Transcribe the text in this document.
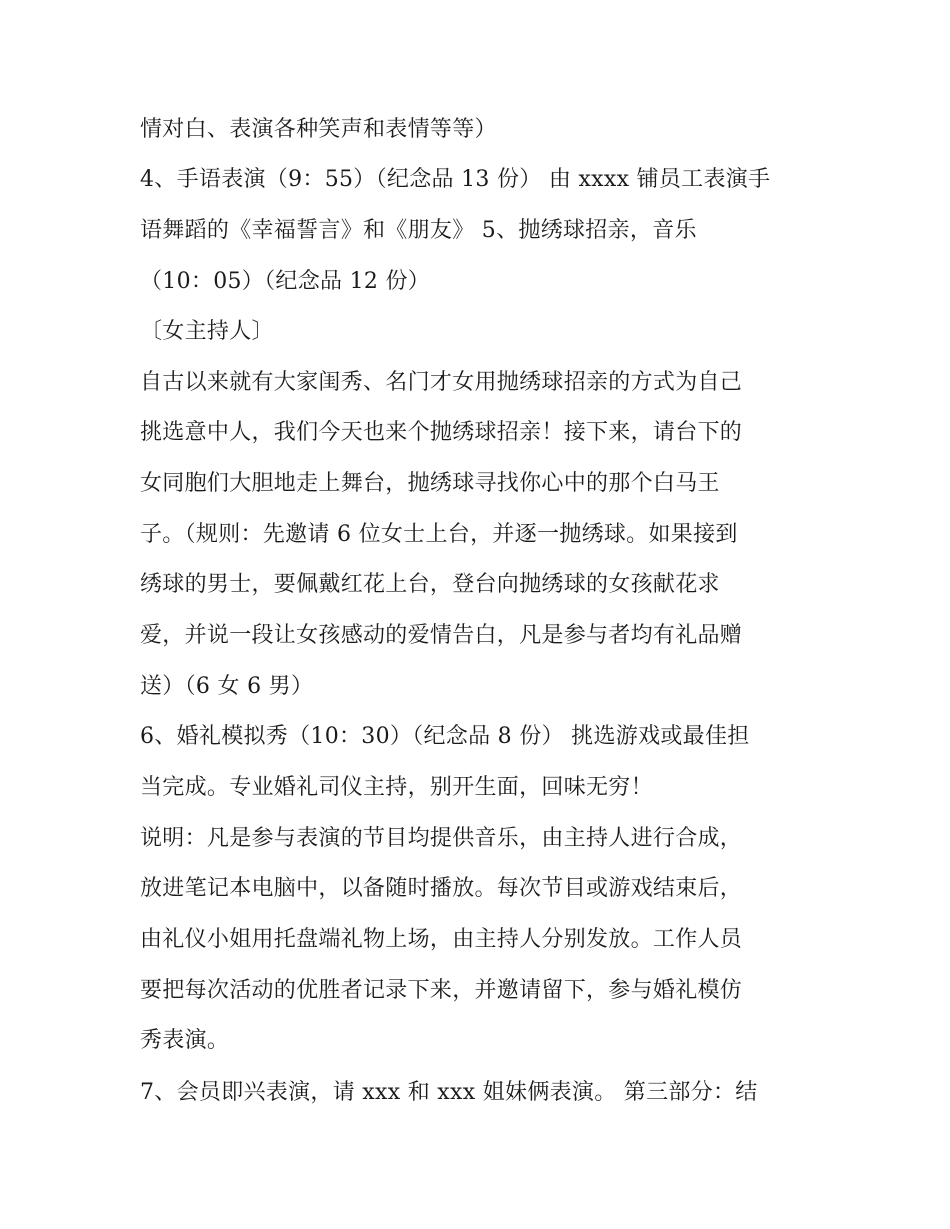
情对白、表演各种笑声和表情等等）
4、手语表演（9：55）（纪念品 13 份） 由 xxxx 铺员工表演手
语舞蹈的《幸福誓言》和《朋友》 5、抛绣球招亲，音乐
（10：05）（纪念品 12 份）
〔女主持人〕
自古以来就有大家闺秀、名门才女用抛绣球招亲的方式为自己
挑选意中人，我们今天也来个抛绣球招亲！接下来，请台下的
女同胞们大胆地走上舞台，抛绣球寻找你心中的那个白马王
子。（规则：先邀请 6 位女士上台，并逐一抛绣球。如果接到
绣球的男士，要佩戴红花上台，登台向抛绣球的女孩献花求
爱，并说一段让女孩感动的爱情告白，凡是参与者均有礼品赠
送）（6 女 6 男）
6、婚礼模拟秀（10：30）（纪念品 8 份） 挑选游戏或最佳担
当完成。专业婚礼司仪主持，别开生面，回味无穷！
说明：凡是参与表演的节目均提供音乐，由主持人进行合成，
放进笔记本电脑中，以备随时播放。每次节目或游戏结束后，
由礼仪小姐用托盘端礼物上场，由主持人分别发放。工作人员
要把每次活动的优胜者记录下来，并邀请留下，参与婚礼模仿
秀表演。
7、会员即兴表演，请 xxx 和 xxx 姐妹俩表演。 第三部分：结
